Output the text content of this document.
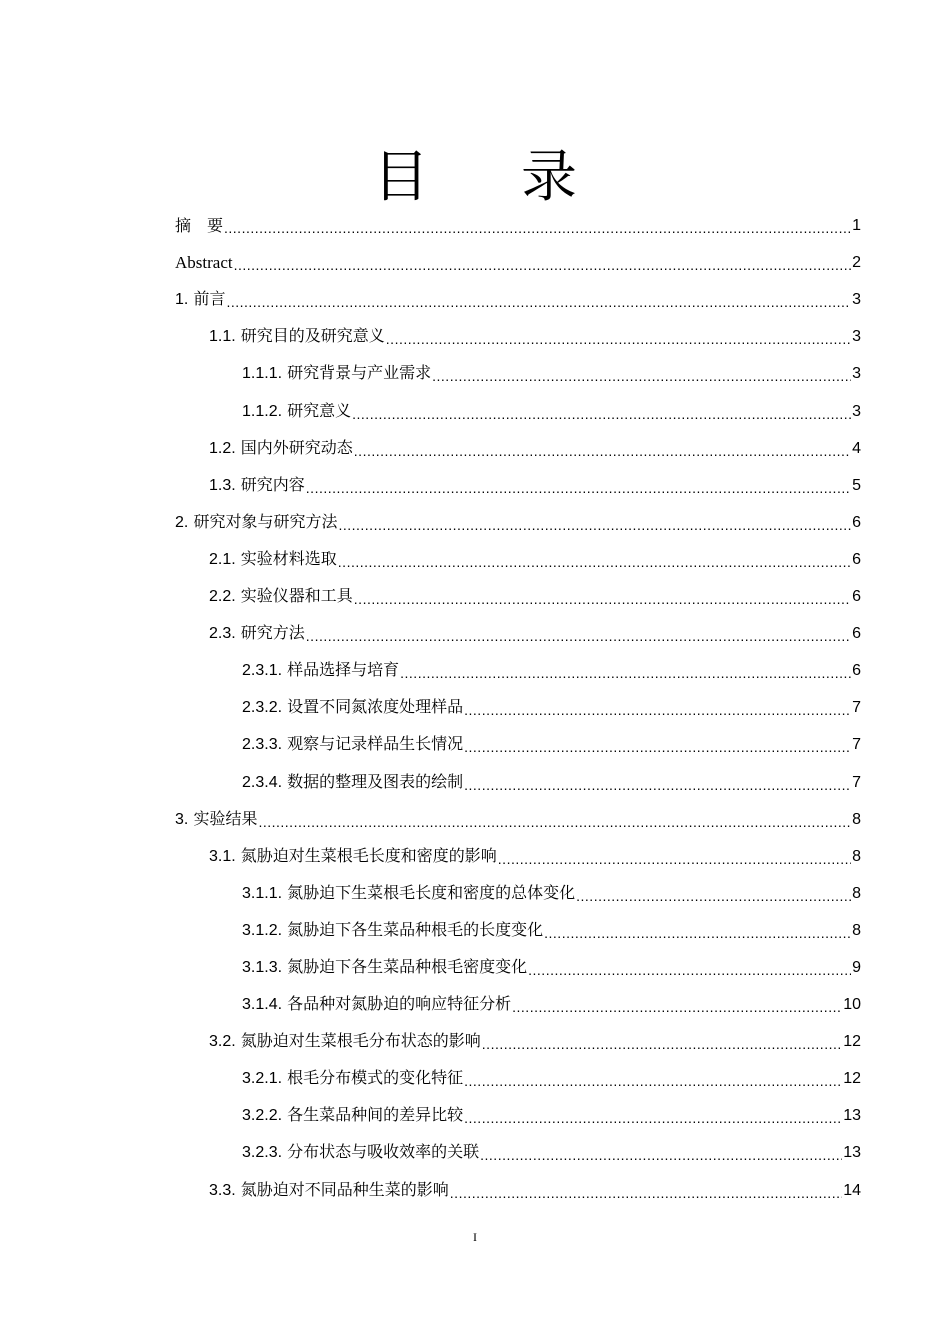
目 录
摘　要 .....	1
Abstract .....	2
1. 前言 .....	3
1.1. 研究目的及研究意义 .....	3
1.1.1. 研究背景与产业需求 .....	3
1.1.2. 研究意义 .....	3
1.2. 国内外研究动态 .....	4
1.3. 研究内容 .....	5
2. 研究对象与研究方法 .....	6
2.1. 实验材料选取 .....	6
2.2. 实验仪器和工具 .....	6
2.3. 研究方法 .....	6
2.3.1. 样品选择与培育 .....	6
2.3.2. 设置不同氮浓度处理样品 .....	7
2.3.3. 观察与记录样品生长情况 .....	7
2.3.4. 数据的整理及图表的绘制 .....	7
3. 实验结果 .....	8
3.1. 氮胁迫对生菜根毛长度和密度的影响 .....	8
3.1.1. 氮胁迫下生菜根毛长度和密度的总体变化 .....	8
3.1.2. 氮胁迫下各生菜品种根毛的长度变化 .....	8
3.1.3. 氮胁迫下各生菜品种根毛密度变化 .....	9
3.1.4. 各品种对氮胁迫的响应特征分析 .....	10
3.2. 氮胁迫对生菜根毛分布状态的影响 .....	12
3.2.1. 根毛分布模式的变化特征 .....	12
3.2.2. 各生菜品种间的差异比较 .....	13
3.2.3. 分布状态与吸收效率的关联 .....	13
3.3. 氮胁迫对不同品种生菜的影响 .....	14
I
